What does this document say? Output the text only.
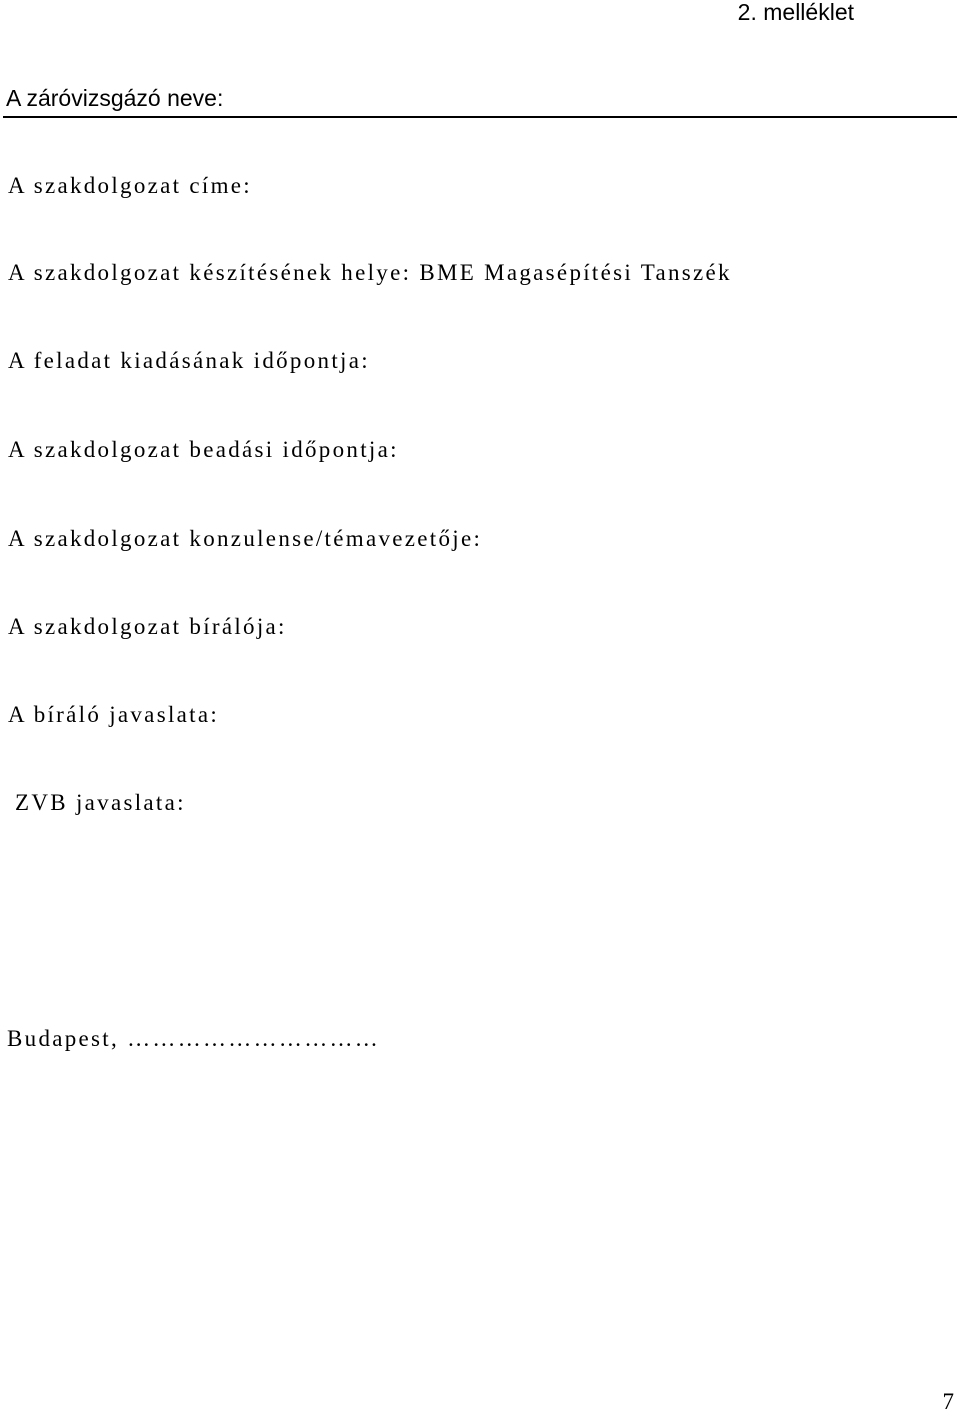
2. melléklet
A záróvizsgázó neve:
A szakdolgozat címe:
A szakdolgozat készítésének helye: BME Magasépítési Tanszék
A feladat kiadásának időpontja:
A szakdolgozat beadási időpontja:
A szakdolgozat konzulense/témavezetője:
A szakdolgozat bírálója:
A bíráló javaslata:
ZVB javaslata:
Budapest, …………………………
7
